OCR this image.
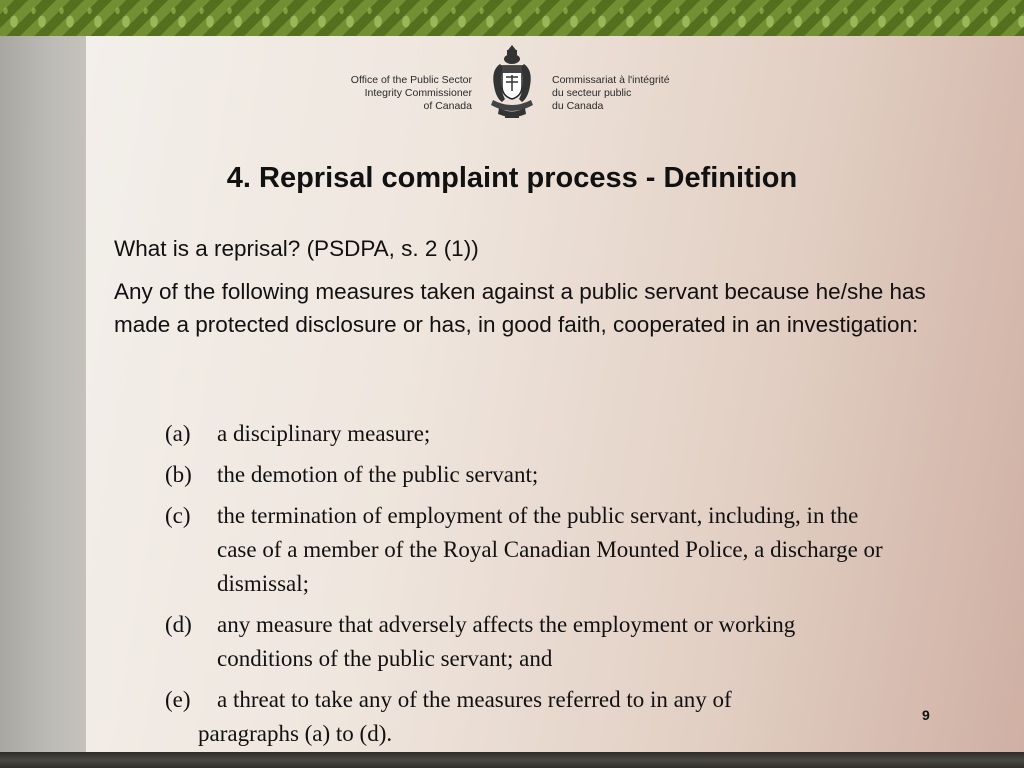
Office of the Public Sector
Integrity Commissioner
of Canada
Commissariat à l'intégrité
du secteur public
du Canada
4. Reprisal complaint process - Definition
What is a reprisal? (PSDPA, s. 2 (1))
Any of the following measures taken against a public servant because he/she has made a protected disclosure or has, in good faith, cooperated in an investigation:
(a) a disciplinary measure;
(b) the demotion of the public servant;
(c) the termination of employment of the public servant, including, in the case of a member of the Royal Canadian Mounted Police, a discharge or dismissal;
(d) any measure that adversely affects the employment or working conditions of the public servant; and
(e) a threat to take any of the measures referred to in any of
paragraphs (a) to (d).
9
